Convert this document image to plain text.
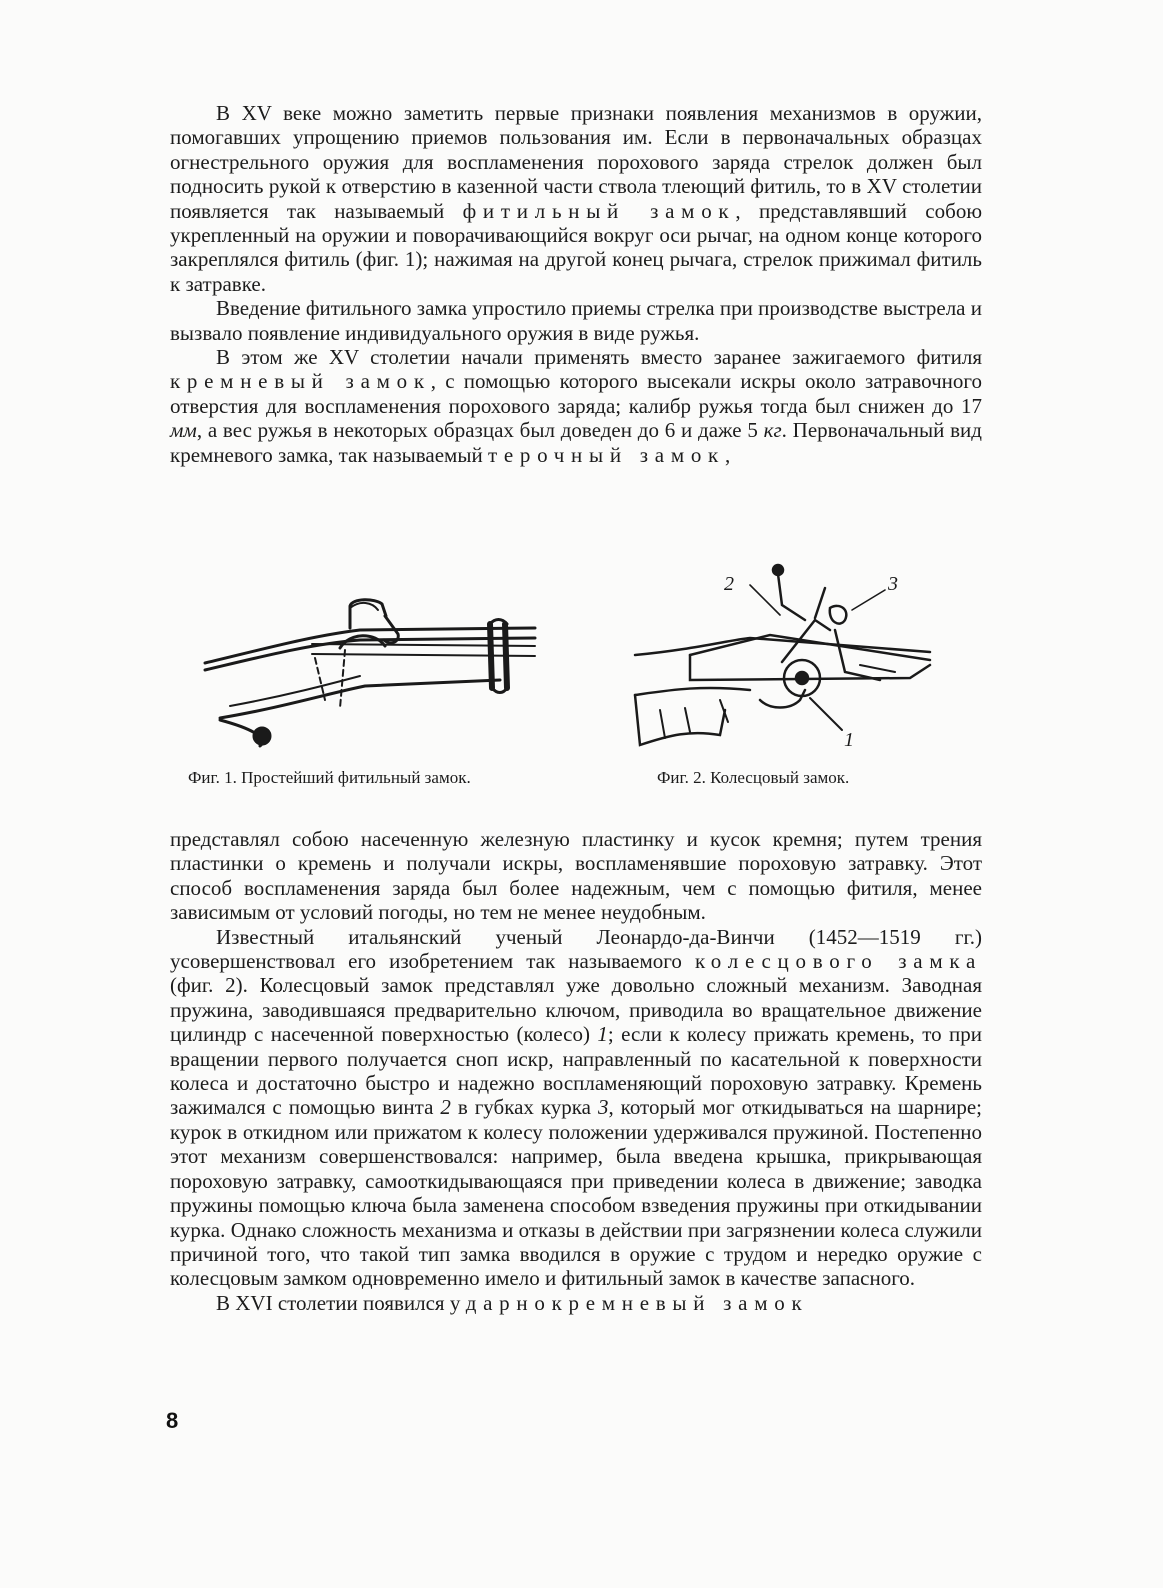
В XV веке можно заметить первые признаки появления механизмов в оружии, помогавших упрощению приемов пользования им. Если в первоначальных образцах огнестрельного оружия для воспламенения порохового заряда стрелок должен был подносить рукой к отверстию в казенной части ствола тлеющий фитиль, то в XV столетии появляется так называемый фитильный замок, представлявший собою укрепленный на оружии и поворачивающийся вокруг оси рычаг, на одном конце которого закреплялся фитиль (фиг. 1); нажимая на другой конец рычага, стрелок прижимал фитиль к затравке.

Введение фитильного замка упростило приемы стрелка при производстве выстрела и вызвало появление индивидуального оружия в виде ружья.

В этом же XV столетии начали применять вместо заранее зажигаемого фитиля кремневый замок, с помощью которого высекали искры около затравочного отверстия для воспламенения порохового заряда; калибр ружья тогда был снижен до 17 мм, а вес ружья в некоторых образцах был доведен до 6 и даже 5 кг. Первоначальный вид кремневого замка, так называемый терочный замок,

2	3
1
Фиг. 1. Простейший фитильный замок.	Фиг. 2. Колесцовый замок.

представлял собою насеченную железную пластинку и кусок кремня; путем трения пластинки о кремень и получали искры, воспламенявшие пороховую затравку. Этот способ воспламенения заряда был более надежным, чем с помощью фитиля, менее зависимым от условий погоды, но тем не менее неудобным.

Известный итальянский ученый Леонардо-да-Винчи (1452—1519 гг.) усовершенствовал его изобретением так называемого колесцового замка (фиг. 2). Колесцовый замок представлял уже довольно сложный механизм. Заводная пружина, заводившаяся предварительно ключом, приводила во вращательное движение цилиндр с насеченной поверхностью (колесо) 1; если к колесу прижать кремень, то при вращении первого получается сноп искр, направленный по касательной к поверхности колеса и достаточно быстро и надежно воспламеняющий пороховую затравку. Кремень зажимался с помощью винта 2 в губках курка 3, который мог откидываться на шарнире; курок в откидном или прижатом к колесу положении удерживался пружиной. Постепенно этот механизм совершенствовался: например, была введена крышка, прикрывающая пороховую затравку, самооткидывающаяся при приведении колеса в движение; заводка пружины помощью ключа была заменена способом взведения пружины при откидывании курка. Однако сложность механизма и отказы в действии при загрязнении колеса служили причиной того, что такой тип замка вводился в оружие с трудом и нередко оружие с колесцовым замком одновременно имело и фитильный замок в качестве запасного.

В XVI столетии появился ударнокремневый замок

8
